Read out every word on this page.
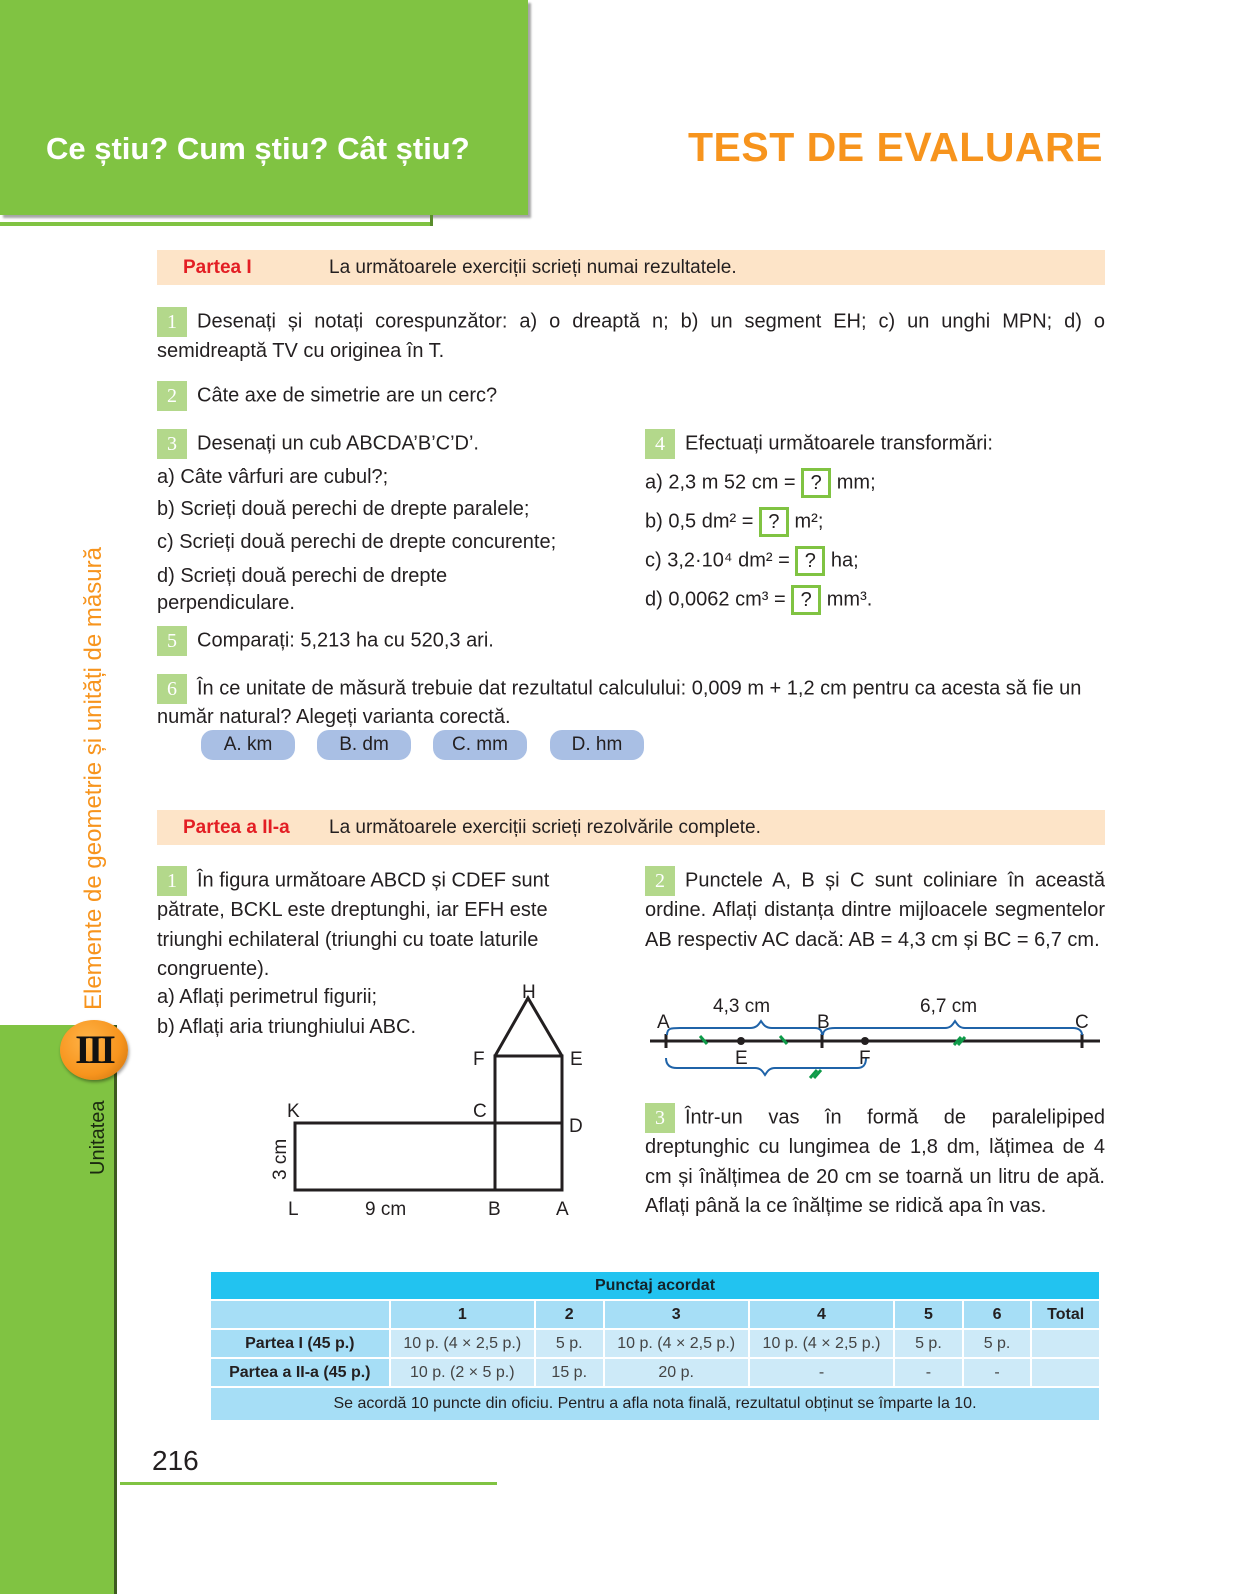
Ce știu? Cum știu? Cât știu?	TEST DE EVALUARE
Elemente de geometrie și unități de măsură
Unitatea
III
Partea I	La următoarele exerciții scrieți numai rezultatele.
1 Desenați și notați corespunzător: a) o dreaptă n; b) un segment EH; c) un unghi MPN; d) o semidreaptă TV cu originea în T.
2 Câte axe de simetrie are un cerc?
3 Desenați un cub ABCDA’B’C’D’.
a) Câte vârfuri are cubul?;
b) Scrieți două perechi de drepte paralele;
c) Scrieți două perechi de drepte concurente;
d) Scrieți două perechi de drepte perpendiculare.
4 Efectuați următoarele transformări:
a) 2,3 m 52 cm = ? mm;
b) 0,5 dm² = ? m²;
c) 3,2·10⁴ dm² = ? ha;
d) 0,0062 cm³ = ? mm³.
5 Comparați: 5,213 ha cu 520,3 ari.
6 În ce unitate de măsură trebuie dat rezultatul calculului: 0,009 m + 1,2 cm pentru ca acesta să fie un număr natural? Alegeți varianta corectă.
A. km	B. dm	C. mm	D. hm
Partea a II-a	La următoarele exerciții scrieți rezolvările complete.
1 În figura următoare ABCD și CDEF sunt pătrate, BCKL este dreptunghi, iar EFH este triunghi echilateral (triunghi cu toate laturile congruente).
a) Aflați perimetrul figurii;
b) Aflați aria triunghiului ABC.
H
F	E
K	C
D
L	B	A
9 cm
3 cm
2 Punctele A, B și C sunt coliniare în această ordine. Aflați distanța dintre mijloacele segmentelor AB respectiv AC dacă: AB = 4,3 cm și BC = 6,7 cm.
A	B	C
E	F
4,3 cm	6,7 cm
3 Într-un vas în formă de paralelipiped dreptunghic cu lungimea de 1,8 dm, lățimea de 4 cm și înălțimea de 20 cm se toarnă un litru de apă. Aflați până la ce înălțime se ridică apa în vas.
Punctaj acordat							
	1	2	3	4	5	6	Total
Partea I (45 p.)	10 p. (4 × 2,5 p.)	5 p.	10 p. (4 × 2,5 p.)	10 p. (4 × 2,5 p.)	5 p.	5 p.	
Partea a II-a (45 p.)	10 p. (2 × 5 p.)	15 p.	20 p.	-	-	-	
Se acordă 10 puncte din oficiu. Pentru a afla nota finală, rezultatul obținut se împarte la 10.							
216
